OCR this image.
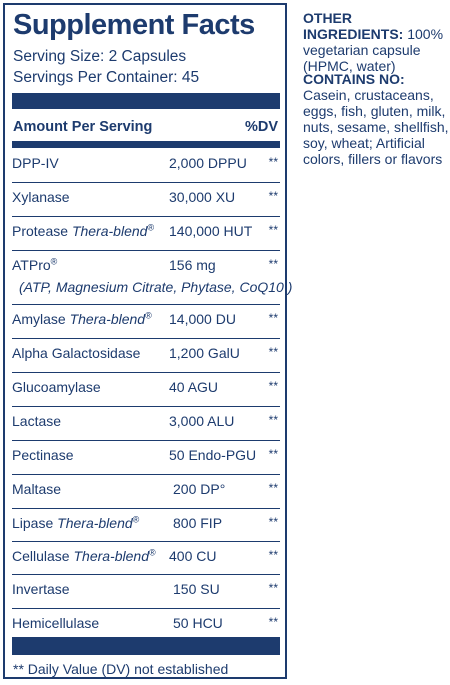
Supplement Facts
Serving Size: 2 Capsules
Servings Per Container: 45
Amount Per Serving	%DV
** Daily Value (DV) not established
DPP-IV	2,000 DPPU **
Xylanase	30,000 XU	**
Protease Thera-blend® 140,000 HUT **
ATPro®	156 mg	**
(ATP, Magnesium Citrate, Phytase, CoQ10 )
Amylase Thera-blend® 14,000 DU	**
Alpha Galactosidase 1,200 GalU **
Glucoamylase	40 AGU	**
Lactase	3,000 ALU	**
Pectinase	50 Endo-PGU **
Maltase	200 DP°	**
Lipase Thera-blend® 800 FIP	**
Cellulase Thera-blend® 400 CU	**
Invertase	150 SU	**
Hemicellulase	50 HCU	**
OTHER INGREDIENTS: 100% vegetarian capsule (HPMC, water)
CONTAINS NO: Casein, crustaceans, eggs, fish, gluten, milk, nuts, sesame, shellfish, soy, wheat; Artificial colors, fillers or flavors
